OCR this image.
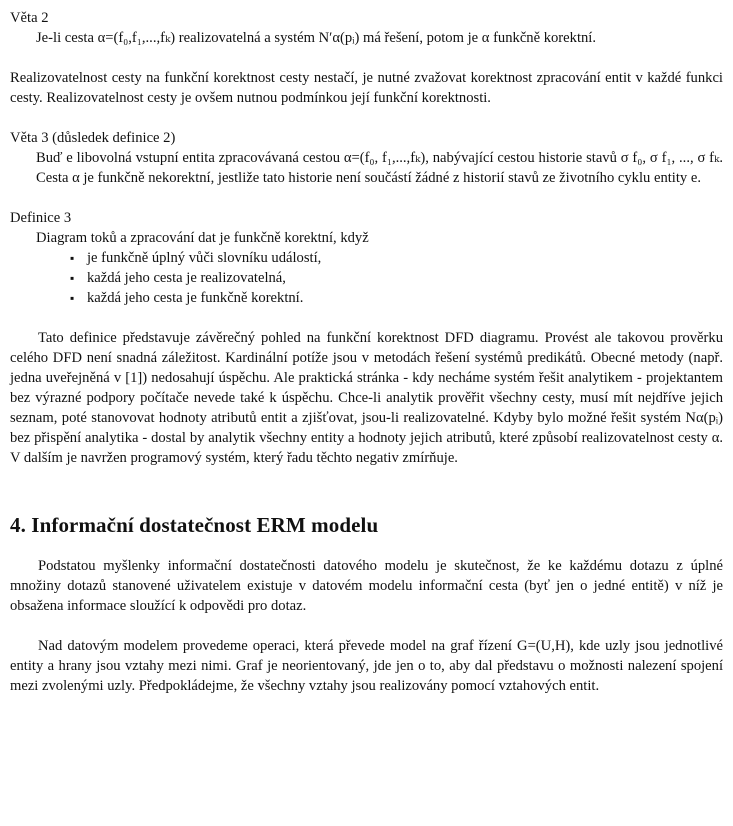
Věta 2

Je-li cesta α=(f₀,f₁,...,fₖ) realizovatelná a systém N′α(pᵢ) má řešení, potom je α funkčně korektní.

Realizovatelnost cesty na funkční korektnost cesty nestačí, je nutné zvažovat korektnost zpracování entit v každé funkci cesty. Realizovatelnost cesty je ovšem nutnou podmínkou její funkční korektnosti.

Věta 3 (důsledek definice 2)

Buď e libovolná vstupní entita zpracovávaná cestou α=(f₀, f₁,...,fₖ), nabývající cestou historie stavů σ f₀, σ f₁, ..., σ fₖ. Cesta α je funkčně nekorektní, jestliže tato historie není součástí žádné z historií stavů ze životního cyklu entity e.

Definice 3

Diagram toků a zpracování dat je funkčně korektní, když

▪ je funkčně úplný vůči slovníku událostí,
▪ každá jeho cesta je realizovatelná,
▪ každá jeho cesta je funkčně korektní.

Tato definice představuje závěrečný pohled na funkční korektnost DFD diagramu. Provést ale takovou prověrku celého DFD není snadná záležitost. Kardinální potíže jsou v metodách řešení systémů predikátů. Obecné metody (např. jedna uveřejněná v [1]) nedosahují úspěchu. Ale praktická stránka - kdy necháme systém řešit analytikem - projektantem bez výrazné podpory počítače nevede také k úspěchu. Chce-li analytik prověřit všechny cesty, musí mít nejdříve jejich seznam, poté stanovovat hodnoty atributů entit a zjišťovat, jsou-li realizovatelné. Kdyby bylo možné řešit systém Nα(pᵢ) bez přispění analytika - dostal by analytik všechny entity a hodnoty jejich atributů, které způsobí realizovatelnost cesty α. V dalším je navržen programový systém, který řadu těchto negativ zmírňuje.

4. Informační dostatečnost ERM modelu

Podstatou myšlenky informační dostatečnosti datového modelu je skutečnost, že ke každému dotazu z úplné množiny dotazů stanovené uživatelem existuje v datovém modelu informační cesta (byť jen o jedné entitě) v níž je obsažena informace sloužící k odpovědi pro dotaz.

Nad datovým modelem provedeme operaci, která převede model na graf řízení G=(U,H), kde uzly jsou jednotlivé entity a hrany jsou vztahy mezi nimi. Graf je neorientovaný, jde jen o to, aby dal představu o možnosti nalezení spojení mezi zvolenými uzly. Předpokládejme, že všechny vztahy jsou realizovány pomocí vztahových entit.
